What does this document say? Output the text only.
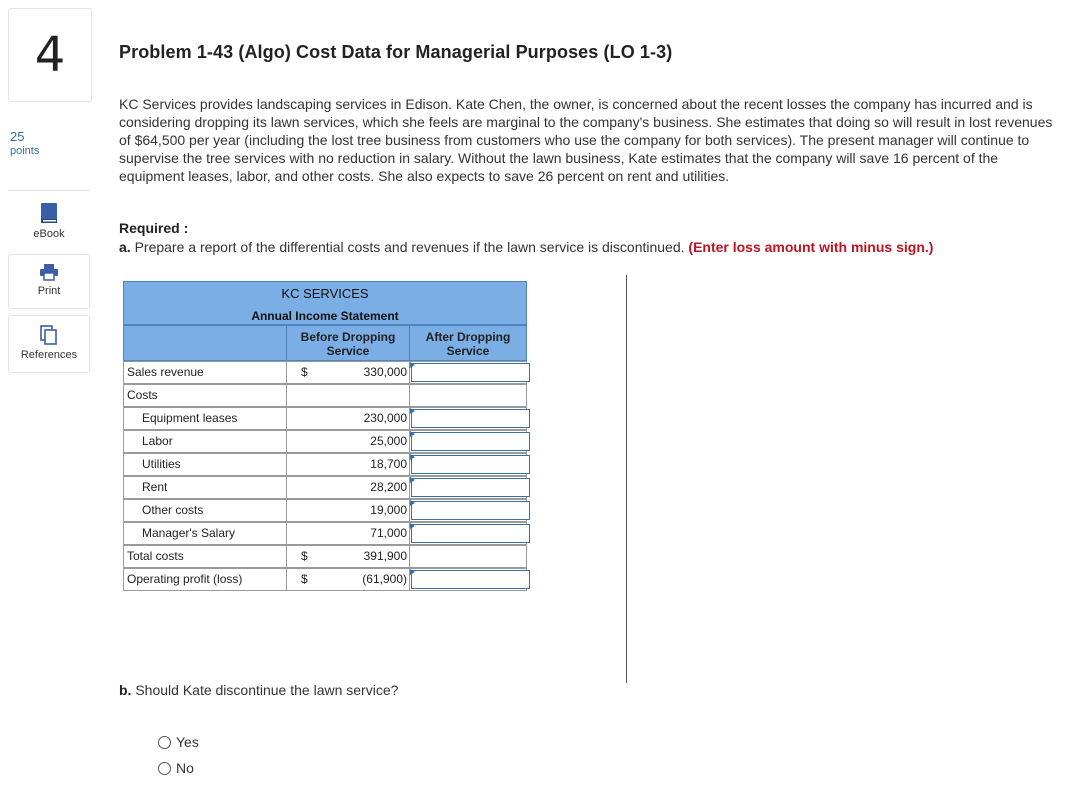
4
25
points
eBook
Print
References
Problem 1-43 (Algo) Cost Data for Managerial Purposes (LO 1-3)
KC Services provides landscaping services in Edison. Kate Chen, the owner, is concerned about the recent losses the company has incurred and is considering dropping its lawn services, which she feels are marginal to the company's business. She estimates that doing so will result in lost revenues of $64,500 per year (including the lost tree business from customers who use the company for both services). The present manager will continue to supervise the tree services with no reduction in salary. Without the lawn business, Kate estimates that the company will save 16 percent of the equipment leases, labor, and other costs. She also expects to save 26 percent on rent and utilities.
Required :
a. Prepare a report of the differential costs and revenues if the lawn service is discontinued. (Enter loss amount with minus sign.)
KC SERVICES
Annual Income Statement
Before Dropping Service
After Dropping Service
Sales revenue	$	330,000
Costs
Equipment leases	230,000
Labor	25,000
Utilities	18,700
Rent	28,200
Other costs	19,000
Manager's Salary	71,000
Total costs	$	391,900
Operating profit (loss)	$	(61,900)
b. Should Kate discontinue the lawn service?
Yes
No
